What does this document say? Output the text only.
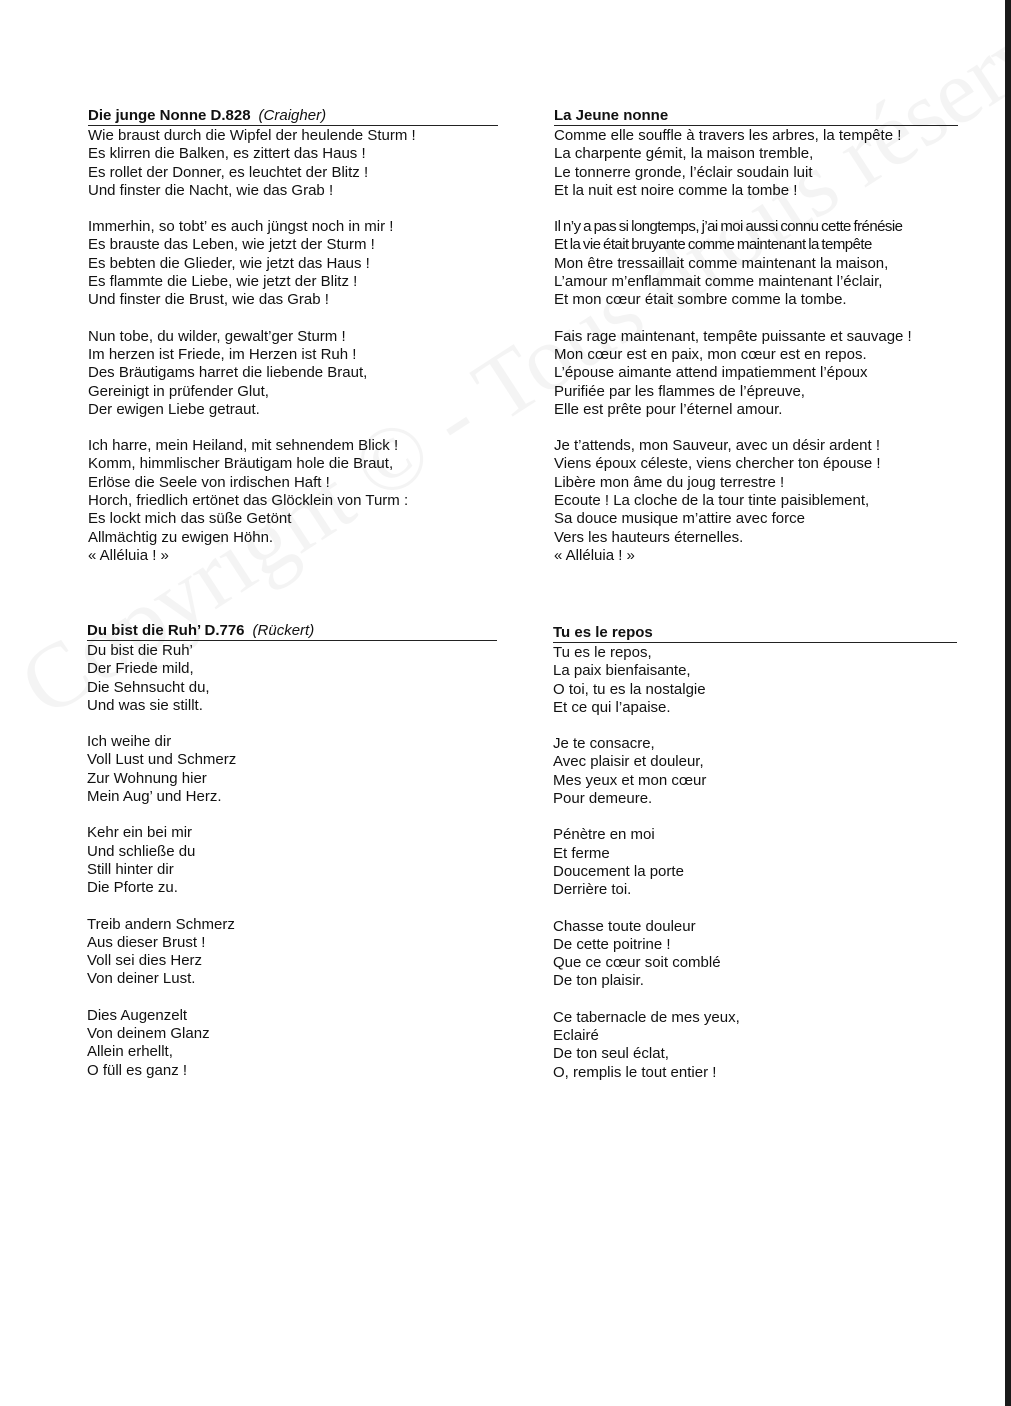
Die junge Nonne D.828 (Craigher)
Wie braust durch die Wipfel der heulende Sturm !
Es klirren die Balken, es zittert das Haus !
Es rollet der Donner, es leuchtet der Blitz !
Und finster die Nacht, wie das Grab !
Immerhin, so tobt’ es auch jüngst noch in mir !
Es brauste das Leben, wie jetzt der Sturm !
Es bebten die Glieder, wie jetzt das Haus !
Es flammte die Liebe, wie jetzt der Blitz !
Und finster die Brust, wie das Grab !
Nun tobe, du wilder, gewalt’ger Sturm !
Im herzen ist Friede, im Herzen ist Ruh !
Des Bräutigams harret die liebende Braut,
Gereinigt in prüfender Glut,
Der ewigen Liebe getraut.
Ich harre, mein Heiland, mit sehnendem Blick !
Komm, himmlischer Bräutigam hole die Braut,
Erlöse die Seele von irdischen Haft !
Horch, friedlich ertönet das Glöcklein von Turm :
Es lockt mich das süße Getönt
Allmächtig zu ewigen Höhn.
« Alléluia ! »
La Jeune nonne
Comme elle souffle à travers les arbres, la tempête !
La charpente gémit, la maison tremble,
Le tonnerre gronde, l’éclair soudain luit
Et la nuit est noire comme la tombe !
Il n’y a pas si longtemps, j’ai moi aussi connu cette frénésie
Et la vie était bruyante comme maintenant la tempête
Mon être tressaillait comme maintenant la maison,
L’amour m’enflammait comme maintenant l’éclair,
Et mon cœur était sombre comme la tombe.
Fais rage maintenant, tempête puissante et sauvage !
Mon cœur est en paix, mon cœur est en repos.
L’épouse aimante attend impatiemment l’époux
Purifiée par les flammes de l’épreuve,
Elle est prête pour l’éternel amour.
Je t’attends, mon Sauveur, avec un désir ardent !
Viens époux céleste, viens chercher ton épouse !
Libère mon âme du joug terrestre !
Ecoute ! La cloche de la tour tinte paisiblement,
Sa douce musique m’attire avec force
Vers les hauteurs éternelles.
« Alléluia ! »
Du bist die Ruh’ D.776 (Rückert)
Du bist die Ruh’
Der Friede mild,
Die Sehnsucht du,
Und was sie stillt.
Ich weihe dir
Voll Lust und Schmerz
Zur Wohnung hier
Mein Aug’ und Herz.
Kehr ein bei mir
Und schließe du
Still hinter dir
Die Pforte zu.
Treib andern Schmerz
Aus dieser Brust !
Voll sei dies Herz
Von deiner Lust.
Dies Augenzelt
Von deinem Glanz
Allein erhellt,
O füll es ganz !
Tu es le repos
Tu es le repos,
La paix bienfaisante,
O toi, tu es la nostalgie
Et ce qui l’apaise.
Je te consacre,
Avec plaisir et douleur,
Mes yeux et mon cœur
Pour demeure.
Pénètre en moi
Et ferme
Doucement la porte
Derrière toi.
Chasse toute douleur
De cette poitrine !
Que ce cœur soit comblé
De ton plaisir.
Ce tabernacle de mes yeux,
Eclairé
De ton seul éclat,
O, remplis le tout entier !
